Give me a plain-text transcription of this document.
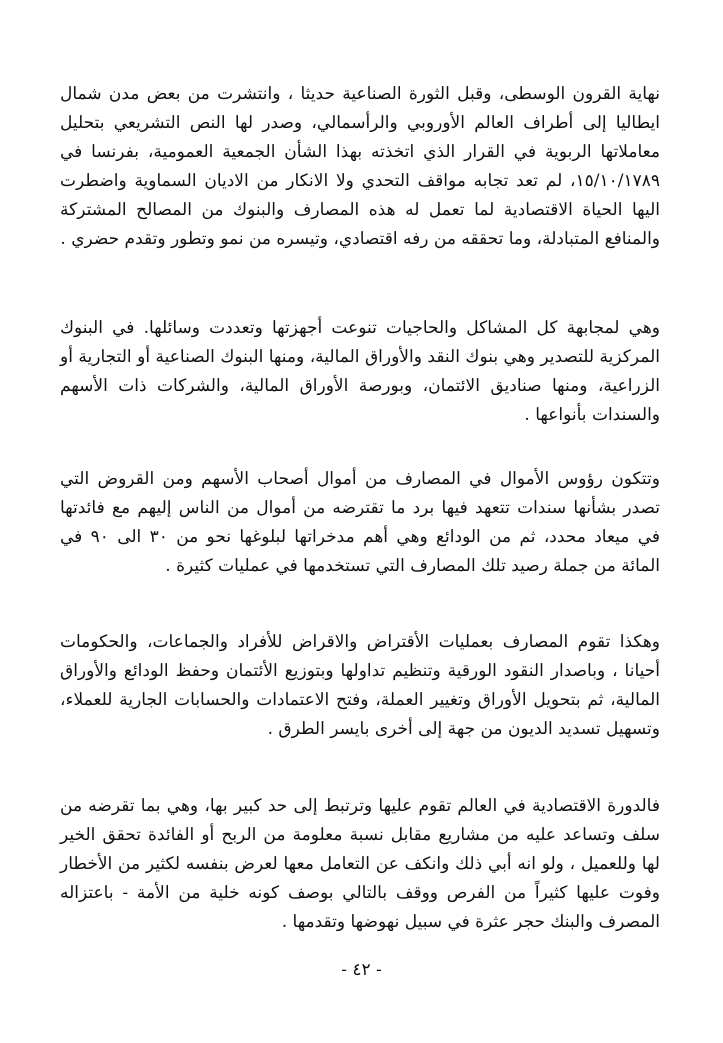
نهاية القرون الوسطى، وقبل الثورة الصناعية حديثا ، وانتشرت من بعض مدن شمال ايطاليا إلى أطراف العالم الأوروبي والرأسمالي، وصدر لها النص التشريعي بتحليل معاملاتها الربوية في القرار الذي اتخذته بهذا الشأن الجمعية العمومية، بفرنسا في ١٥/١٠/١٧٨٩، لم تعد تجابه مواقف التحدي ولا الانكار من الاديان السماوية واضطرت اليها الحياة الاقتصادية لما تعمل له هذه المصارف والبنوك من المصالح المشتركة والمنافع المتبادلة، وما تحققه من رفه اقتصادي، وتيسره من نمو وتطور وتقدم حضري .

وهي لمجابهة كل المشاكل والحاجيات تنوعت أجهزتها وتعددت وسائلها. في البنوك المركزية للتصدير وهي بنوك النقد والأوراق المالية، ومنها البنوك الصناعية أو التجارية أو الزراعية، ومنها صناديق الائتمان، وبورصة الأوراق المالية، والشركات ذات الأسهم والسندات بأنواعها .

وتتكون رؤوس الأموال في المصارف من أموال أصحاب الأسهم ومن القروض التي تصدر بشأنها سندات تتعهد فيها برد ما تقترضه من أموال من الناس إليهم مع فائدتها في ميعاد محدد، ثم من الودائع وهي أهم مدخراتها لبلوغها نحو من ٣٠ الى ٩٠ في المائة من جملة رصيد تلك المصارف التي تستخدمها في عمليات كثيرة .

وهكذا تقوم المصارف بعمليات الأقتراض والاقراض للأفراد والجماعات، والحكومات أحيانا ، وباصدار النقود الورقية وتنظيم تداولها وبتوزيع الأئتمان وحفظ الودائع والأوراق المالية، ثم بتحويل الأوراق وتغيير العملة، وفتح الاعتمادات والحسابات الجارية للعملاء، وتسهيل تسديد الديون من جهة إلى أخرى بايسر الطرق .

فالدورة الاقتصادية في العالم تقوم عليها وترتبط إلى حد كبير بها، وهي بما تقرضه من سلف وتساعد عليه من مشاريع مقابل نسبة معلومة من الربح أو الفائدة تحقق الخير لها وللعميل ، ولو انه أبي ذلك وانكف عن التعامل معها لعرض بنفسه لكثير من الأخطار وفوت عليها كثيراً من الفرص ووقف بالتالي بوصف كونه خلية من الأمة - باعتزاله المصرف والبنك حجر عثرة في سبيل نهوضها وتقدمها .

- ٤٢ -
